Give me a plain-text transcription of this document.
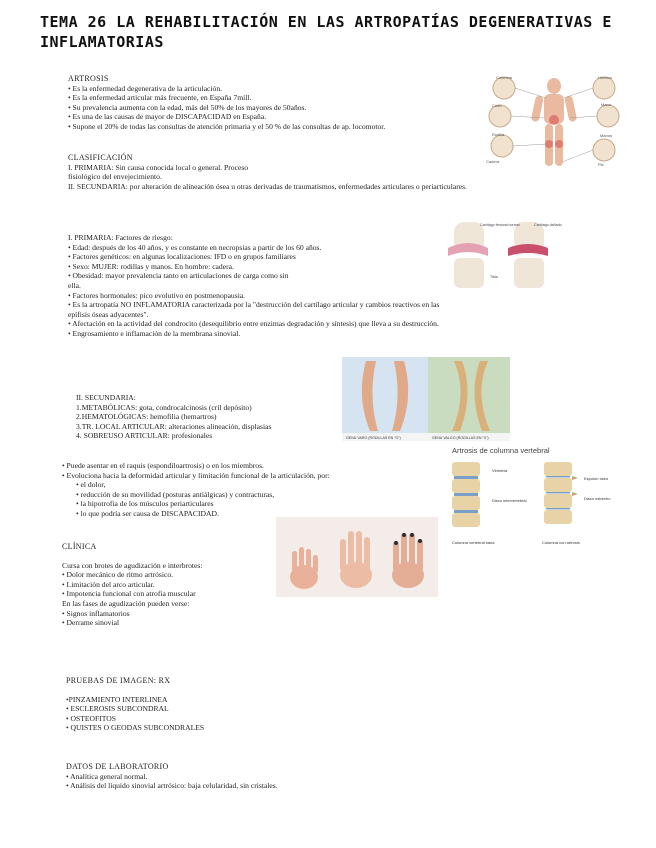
TEMA 26 LA REHABILITACIÓN EN LAS ARTROPATÍAS DEGENERATIVAS E INFLAMATORIAS
ARTROSIS
• Es la enfermedad degenerativa de la articulación.
• Es la enfermedad articular más frecuente, en España 7mill.
• Su prevalencia aumenta con la edad, más del 50% de los mayores de 50años.
• Es una de las causas de mayor de DISCAPACIDAD en España.
• Supone el 20% de todas las consultas de atención primaria y el 50 % de las consultas de ap. locomotor.
Columna	Hombro
Codo
Cadera
Rodilla
Pie
Mano
Manos
CLASIFICACIÓN
I. PRIMARIA: Sin causa conocida local o general. Proceso
fisiológico del envejecimiento.
II. SECUNDARIA: por alteración de alineación ósea u otras derivadas de traumatismos, enfermedades articulares o periarticulares.
Cartílago femoral normal	Cartílago dañado
Tibia
I. PRIMARIA: Factores de riesgo:
• Edad: después de los 40 años, y es constante en necropsias a partir de los 60 años.
• Factores genéticos: en algunas localizaciones: IFD o en grupos familiares
• Sexo: MUJER: rodillas y manos. En hombre: cadera.
• Obesidad: mayor prevalencia tanto en articulaciones de carga como sin
ella.
• Factores hormonales: pico evolutivo en postmenopausia.
• Es la artropatía NO INFLAMATORIA caracterizada por la "destrucción del cartílago articular y cambios reactivos en las
epífisis óseas adyacentes".
• Afectación en la actividad del condrocito (desequilibrio entre enzimas degradación y síntesis) que lleva a su destrucción.
• Engrosamiento e inflamación de la membrana sinovial.
GENU VARO (RODILLAS EN "O")	GENU VALGO (RODILLAS EN "X")
II. SECUNDARIA:
1.METABÓLICAS: gota, condrocalcinosis (cril depósito)
2.HEMATOLÓGICAS: hemofilia (hemartros)
3.TR. LOCAL ARTICULAR: alteraciones alineación, displasias
4. SOBREUSO ARTICULAR: profesionales
Artrosis de columna vertebral
Vértebra
Disco intervertebral
Espolón óseo
Disco estrecho
Columna vertebral sana	Columna con artrosis
• Puede asentar en el raquis (espondiloartrosis) o en los miembros.
• Evoluciona hacia la deformidad articular y limitación funcional de la articulación, por:
• el dolor,
• reducción de su movilidad (posturas antiálgicas) y contracturas,
• la hipotrofia de los músculos periarticulares
• lo que podría ser causa de DISCAPACIDAD.
CLÍNICA
Cursa con brotes de agudización e interbrotes:
• Dolor mecánico de ritmo artrósico.
• Limitación del arco articular.
• Impotencia funcional con atrofia muscular
En las fases de agudización pueden verse:
• Signos inflamatorios
• Derrame sinovial
PRUEBAS DE IMAGEN: RX
•PINZAMIENTO INTERLINEA
• ESCLEROSIS SUBCONDRAL
• OSTEOFITOS
• QUISTES O GEODAS SUBCONDRALES
DATOS DE LABORATORIO
• Analítica general normal.
• Análisis del líquido sinovial artrósico: baja celularidad, sin cristales.
